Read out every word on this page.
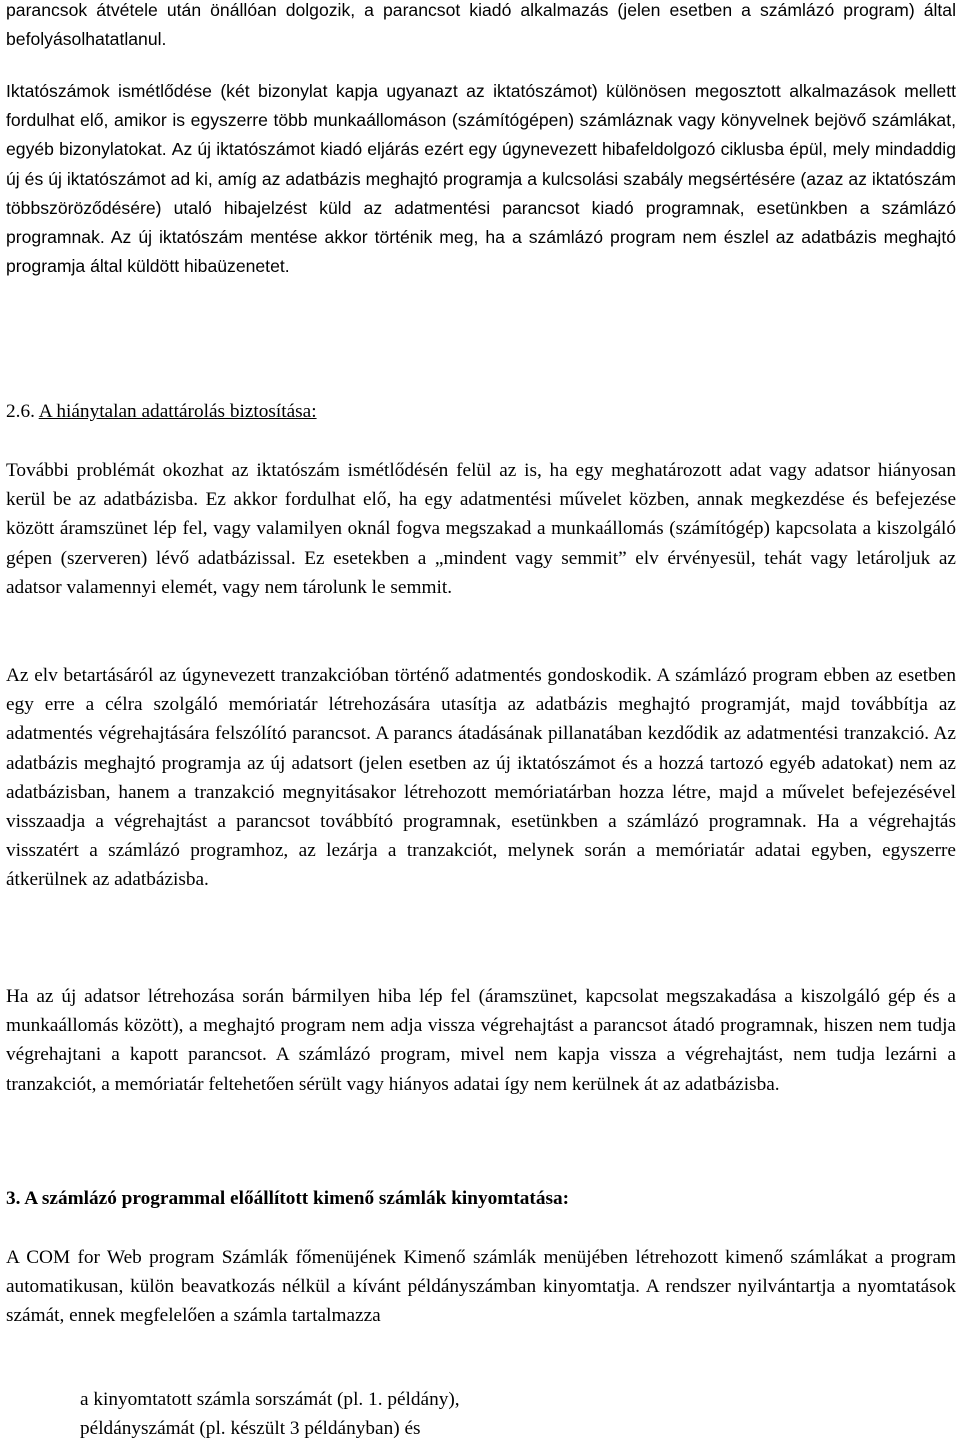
parancsok átvétele után önállóan dolgozik, a parancsot kiadó alkalmazás (jelen esetben a számlázó program) által befolyásolhatatlanul.

Iktatószámok ismétlődése (két bizonylat kapja ugyanazt az iktatószámot) különösen megosztott alkalmazások mellett fordulhat elő, amikor is egyszerre több munkaállomáson (számítógépen) számláznak vagy könyvelnek bejövő számlákat, egyéb bizonylatokat. Az új iktatószámot kiadó eljárás ezért egy úgynevezett hibafeldolgozó ciklusba épül, mely mindaddig új és új iktatószámot ad ki, amíg az adatbázis meghajtó programja a kulcsolási szabály megsértésére (azaz az iktatószám többszöröződésére) utaló hibajelzést küld az adatmentési parancsot kiadó programnak, esetünkben a számlázó programnak. Az új iktatószám mentése akkor történik meg, ha a számlázó program nem észlel az adatbázis meghajtó programja által küldött hibaüzenetet.

2.6. A hiánytalan adattárolás biztosítása:

További problémát okozhat az iktatószám ismétlődésén felül az is, ha egy meghatározott adat vagy adatsor hiányosan kerül be az adatbázisba. Ez akkor fordulhat elő, ha egy adatmentési művelet közben, annak megkezdése és befejezése között áramszünet lép fel, vagy valamilyen oknál fogva megszakad a munkaállomás (számítógép) kapcsolata a kiszolgáló gépen (szerveren) lévő adatbázissal. Ez esetekben a „mindent vagy semmit” elv érvényesül, tehát vagy letároljuk az adatsor valamennyi elemét, vagy nem tárolunk le semmit.

Az elv betartásáról az úgynevezett tranzakcióban történő adatmentés gondoskodik. A számlázó program ebben az esetben egy erre a célra szolgáló memóriatár létrehozására utasítja az adatbázis meghajtó programját, majd továbbítja az adatmentés végrehajtására felszólító parancsot. A parancs átadásának pillanatában kezdődik az adatmentési tranzakció. Az adatbázis meghajtó programja az új adatsort (jelen esetben az új iktatószámot és a hozzá tartozó egyéb adatokat) nem az adatbázisban, hanem a tranzakció megnyitásakor létrehozott memóriatárban hozza létre, majd a művelet befejezésével visszaadja a végrehajtást a parancsot továbbító programnak, esetünkben a számlázó programnak. Ha a végrehajtás visszatért a számlázó programhoz, az lezárja a tranzakciót, melynek során a memóriatár adatai egyben, egyszerre átkerülnek az adatbázisba.

Ha az új adatsor létrehozása során bármilyen hiba lép fel (áramszünet, kapcsolat megszakadása a kiszolgáló gép és a munkaállomás között), a meghajtó program nem adja vissza végrehajtást a parancsot átadó programnak, hiszen nem tudja végrehajtani a kapott parancsot. A számlázó program, mivel nem kapja vissza a végrehajtást, nem tudja lezárni a tranzakciót, a memóriatár feltehetően sérült vagy hiányos adatai így nem kerülnek át az adatbázisba.

3. A számlázó programmal előállított kimenő számlák kinyomtatása:

A COM for Web program Számlák főmenüjének Kimenő számlák menüjében létrehozott kimenő számlákat a program automatikusan, külön beavatkozás nélkül a kívánt példányszámban kinyomtatja. A rendszer nyilvántartja a nyomtatások számát, ennek megfelelően a számla tartalmazza

a kinyomtatott számla sorszámát (pl. 1. példány),

példányszámát (pl. készült 3 példányban) és
